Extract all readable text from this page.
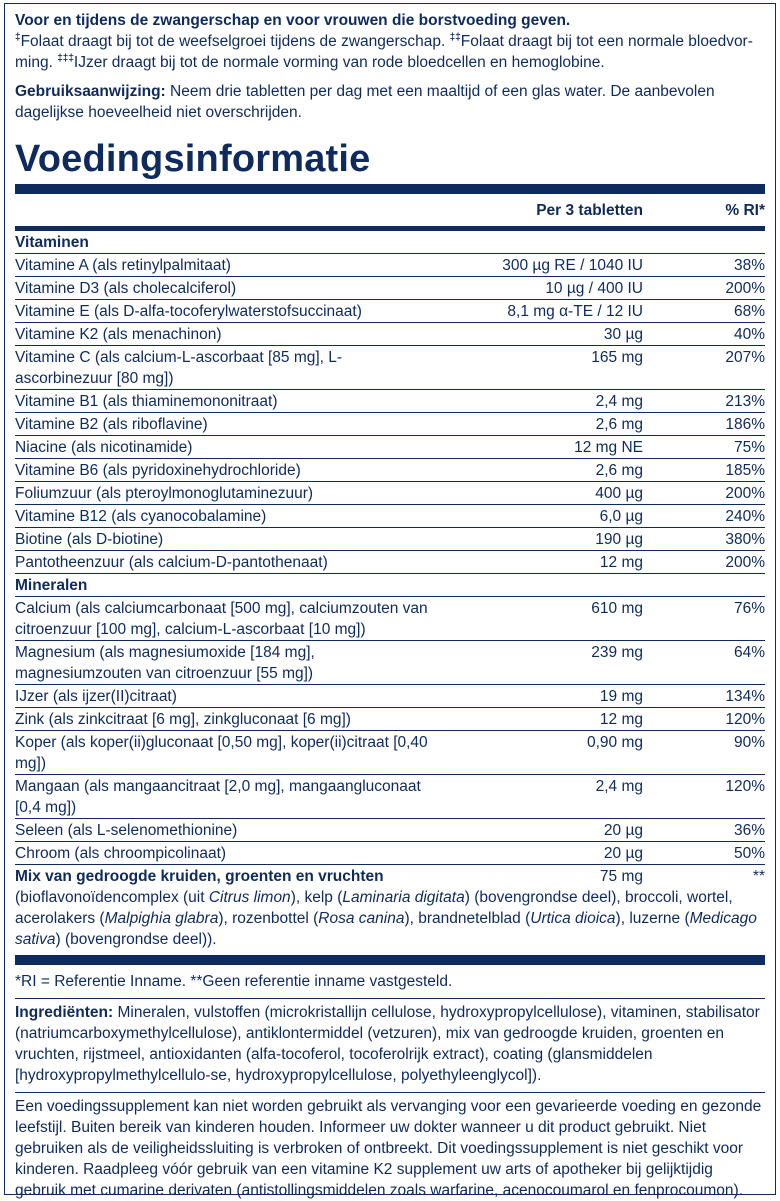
Voor en tijdens de zwangerschap en voor vrouwen die borstvoeding geven.

‡Folaat draagt bij tot de weefselgroei tijdens de zwangerschap. ‡‡Folaat draagt bij tot een normale bloedvor-ming. ‡‡‡IJzer draagt bij tot de normale vorming van rode bloedcellen en hemoglobine.

Gebruiksaanwijzing: Neem drie tabletten per dag met een maaltijd of een glas water. De aanbevolen dagelijkse hoeveelheid niet overschrijden.

Voedingsinformatie
Per 3 tabletten	% RI*
Vitaminen
Vitamine A (als retinylpalmitaat)	300 µg RE / 1040 IU	38%
Vitamine D3 (als cholecalciferol)	10 µg / 400 IU	200%
Vitamine E (als D-alfa-tocoferylwaterstofsuccinaat)	8,1 mg α-TE / 12 IU	68%
Vitamine K2 (als menachinon)	30 µg	40%
Vitamine C (als calcium-L-ascorbaat [85 mg], L-ascorbinezuur [80 mg])
165 mg	207%
Vitamine B1 (als thiaminemononitraat)	2,4 mg	213%
Vitamine B2 (als riboflavine)	2,6 mg	186%
Niacine (als nicotinamide)	12 mg NE	75%
Vitamine B6 (als pyridoxinehydrochloride)	2,6 mg	185%
Foliumzuur (als pteroylmonoglutaminezuur)	400 µg	200%
Vitamine B12 (als cyanocobalamine)	6,0 µg	240%
Biotine (als D-biotine)	190 µg	380%
Pantotheenzuur (als calcium-D-pantothenaat)	12 mg	200%
Mineralen
Calcium (als calciumcarbonaat [500 mg], calciumzouten van citroenzuur [100 mg], calcium-L-ascorbaat [10 mg])
610 mg	76%
Magnesium (als magnesiumoxide [184 mg], magnesiumzouten van citroenzuur [55 mg])
239 mg	64%
IJzer (als ijzer(II)citraat)	19 mg	134%
Zink (als zinkcitraat [6 mg], zinkgluconaat [6 mg])	12 mg	120%
Koper (als koper(ii)gluconaat [0,50 mg], koper(ii)citraat [0,40 mg])
0,90 mg	90%
Mangaan (als mangaancitraat [2,0 mg], mangaangluconaat [0,4 mg])
2,4 mg	120%
Seleen (als L-selenomethionine)	20 µg	36%
Chroom (als chroompicolinaat)	20 µg	50%
Mix van gedroogde kruiden, groenten en vruchten	75 mg	**

(bioflavonoïdencomplex (uit Citrus limon), kelp (Laminaria digitata) (bovengrondse deel), broccoli, wortel, acerolakers (Malpighia glabra), rozenbottel (Rosa canina), brandnetelblad (Urtica dioica), luzerne (Medicago sativa) (bovengrondse deel)).

*RI = Referentie Inname. **Geen referentie inname vastgesteld.

Ingrediënten: Mineralen, vulstoffen (microkristallijn cellulose, hydroxypropylcellulose), vitaminen, stabilisator (natriumcarboxymethylcellulose), antiklontermiddel (vetzuren), mix van gedroogde kruiden, groenten en vruchten, rijstmeel, antioxidanten (alfa-tocoferol, tocoferolrijk extract), coating (glansmiddelen [hydroxypropylmethylcellulo-se, hydroxypropylcellulose, polyethyleenglycol]).

Een voedingssupplement kan niet worden gebruikt als vervanging voor een gevarieerde voeding en gezonde leefstijl. Buiten bereik van kinderen houden. Informeer uw dokter wanneer u dit product gebruikt. Niet gebruiken als de veiligheidssluiting is verbroken of ontbreekt. Dit voedingssupplement is niet geschikt voor kinderen. Raadpleeg vóór gebruik van een vitamine K2 supplement uw arts of apotheker bij gelijktijdig gebruik met cumarine derivaten (antistollingsmiddelen zoals warfarine, acenocoumarol en fenprocoumon).
